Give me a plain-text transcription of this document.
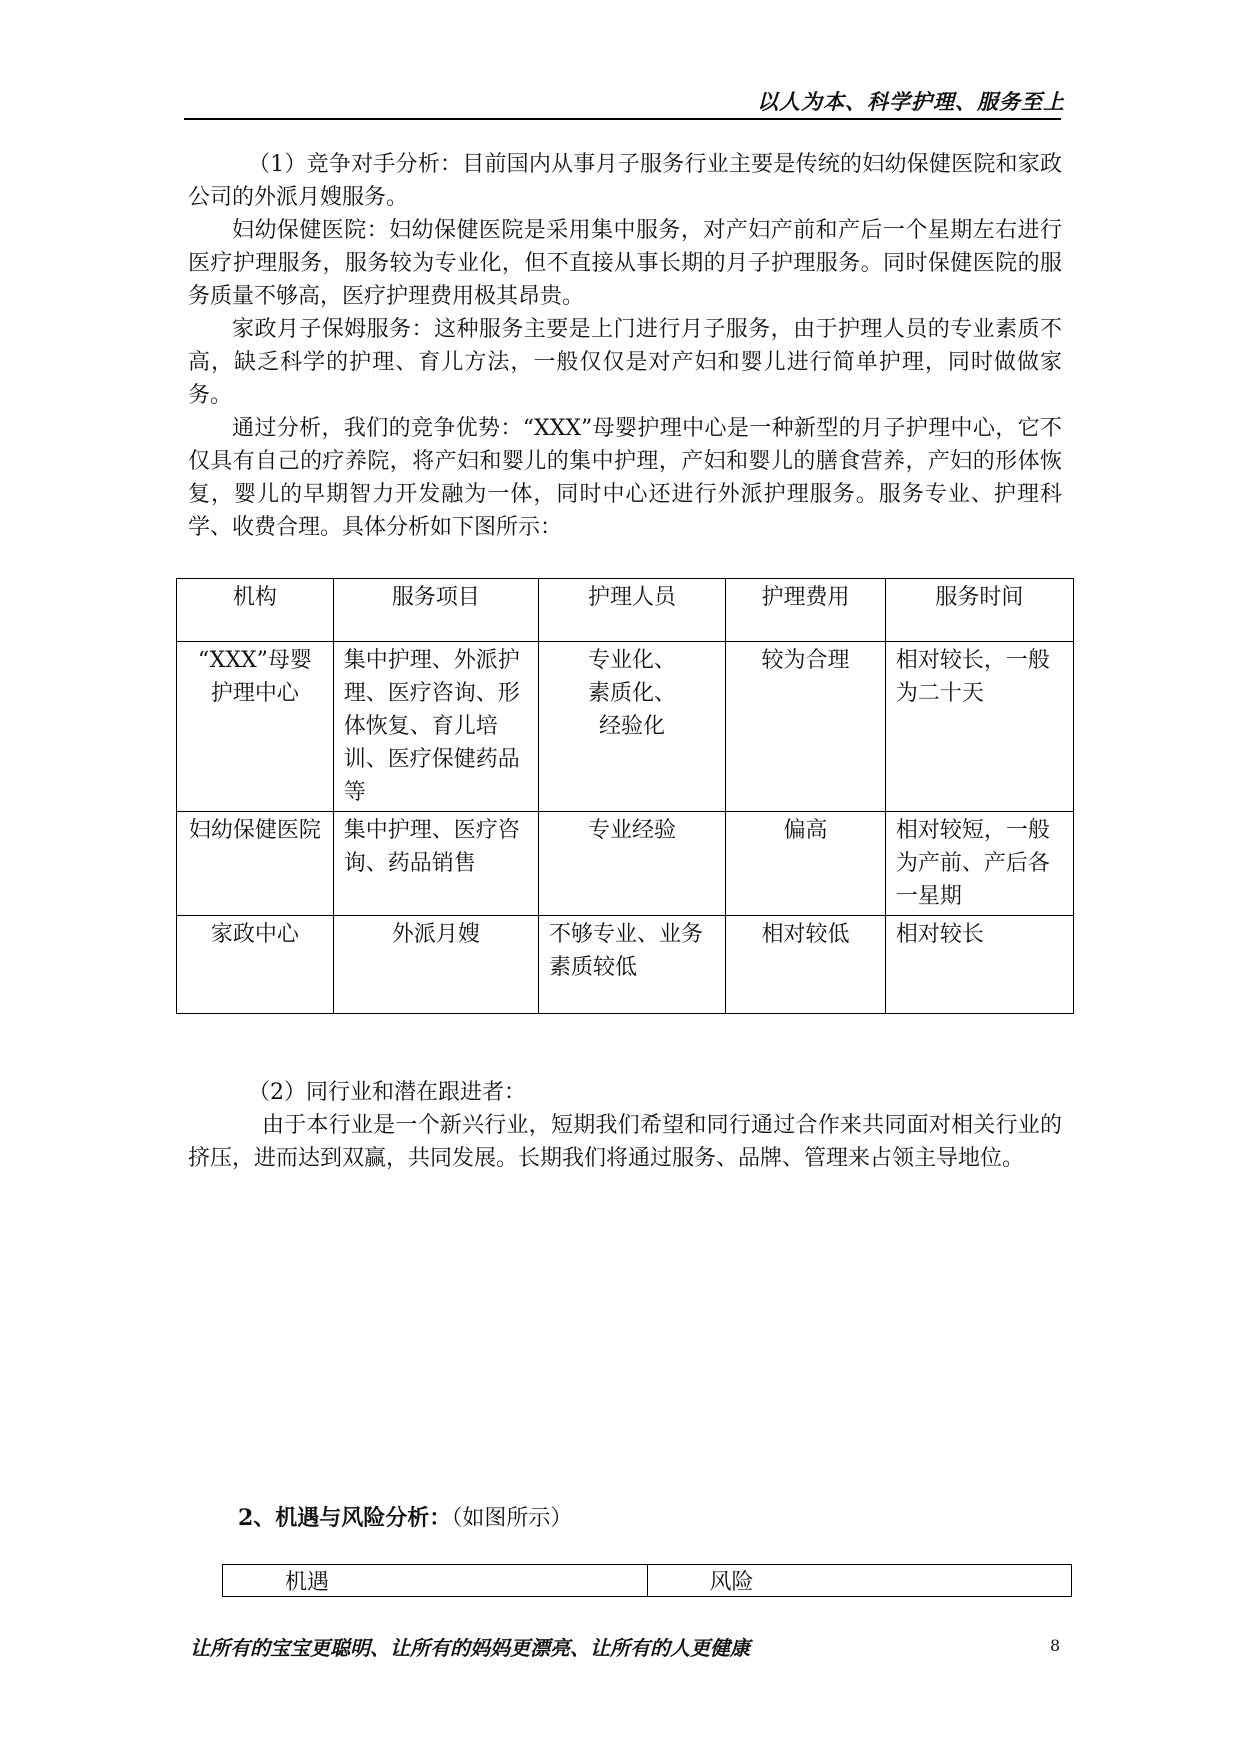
以人为本、科学护理、服务至上

（1）竞争对手分析：目前国内从事月子服务行业主要是传统的妇幼保健医院和家政公司的外派月嫂服务。

妇幼保健医院：妇幼保健医院是采用集中服务，对产妇产前和产后一个星期左右进行医疗护理服务，服务较为专业化，但不直接从事长期的月子护理服务。同时保健医院的服务质量不够高，医疗护理费用极其昂贵。

家政月子保姆服务：这种服务主要是上门进行月子服务，由于护理人员的专业素质不高，缺乏科学的护理、育儿方法，一般仅仅是对产妇和婴儿进行简单护理，同时做做家务。

通过分析，我们的竞争优势：“XXX”母婴护理中心是一种新型的月子护理中心，它不仅具有自己的疗养院，将产妇和婴儿的集中护理，产妇和婴儿的膳食营养，产妇的形体恢复，婴儿的早期智力开发融为一体，同时中心还进行外派护理服务。服务专业、护理科学、收费合理。具体分析如下图所示：

机构	服务项目	护理人员	护理费用	服务时间
“XXX”母婴护理中心	集中护理、外派护理、医疗咨询、形体恢复、育儿培训、医疗保健药品等	专业化、素质化、经验化	较为合理	相对较长，一般为二十天
妇幼保健医院	集中护理、医疗咨询、药品销售	专业经验	偏高	相对较短，一般为产前、产后各一星期
家政中心	外派月嫂	不够专业、业务素质较低	相对较低	相对较长

（2）同行业和潜在跟进者：

由于本行业是一个新兴行业，短期我们希望和同行通过合作来共同面对相关行业的挤压，进而达到双赢，共同发展。长期我们将通过服务、品牌、管理来占领主导地位。

2、机遇与风险分析：（如图所示）
机遇	风险
让所有的宝宝更聪明、让所有的妈妈更漂亮、让所有的人更健康	8
